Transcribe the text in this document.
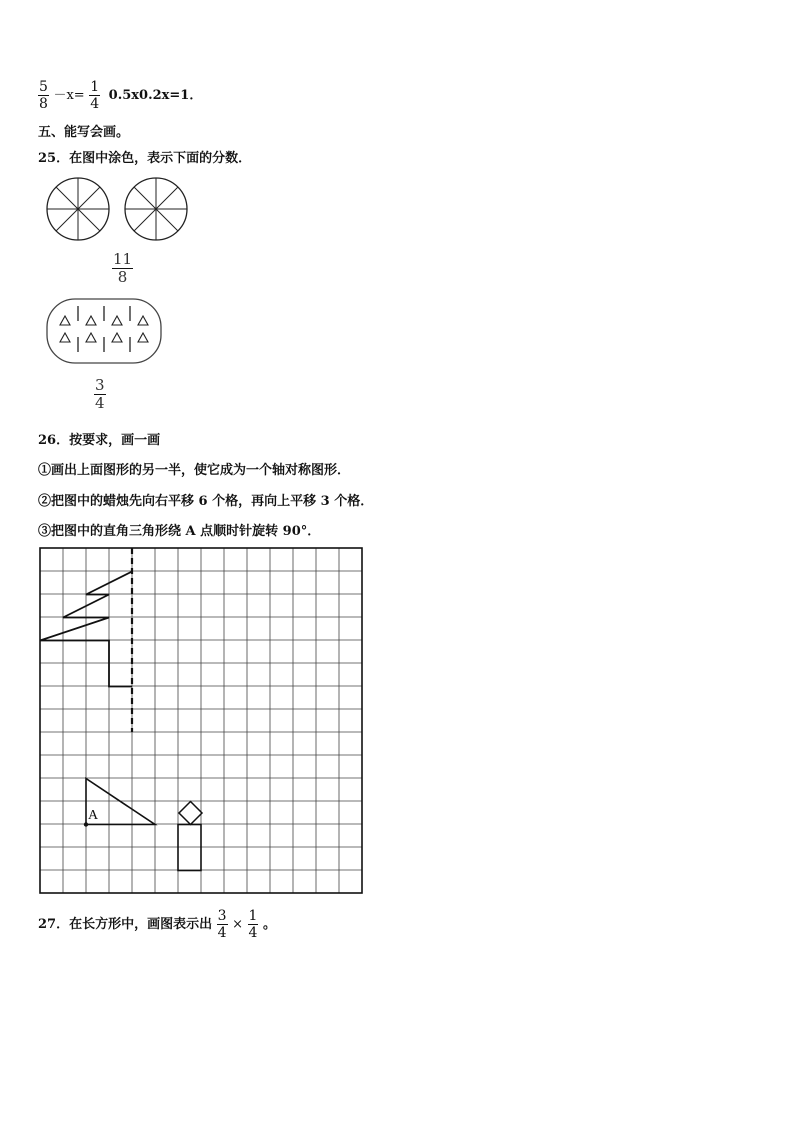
$\frac{5}{8} -x= \frac{1}{4} 0.5x0.2x=1$．
五、能写会画。
25．在图中涂色，表示下面的分数．
$\frac{11}{8}$
$\frac{3}{4}$
26．按要求，画一画
①画出上面图形的另一半，使它成为一个轴对称图形．
②把图中的蜡烛先向右平移 6 个格，再向上平移 3 个格．
③把图中的直角三角形绕 A 点顺时针旋转 90°．
A
27．在长方形中，画图表示出 $\frac{3}{4} \times \frac{1}{4}$ 。
